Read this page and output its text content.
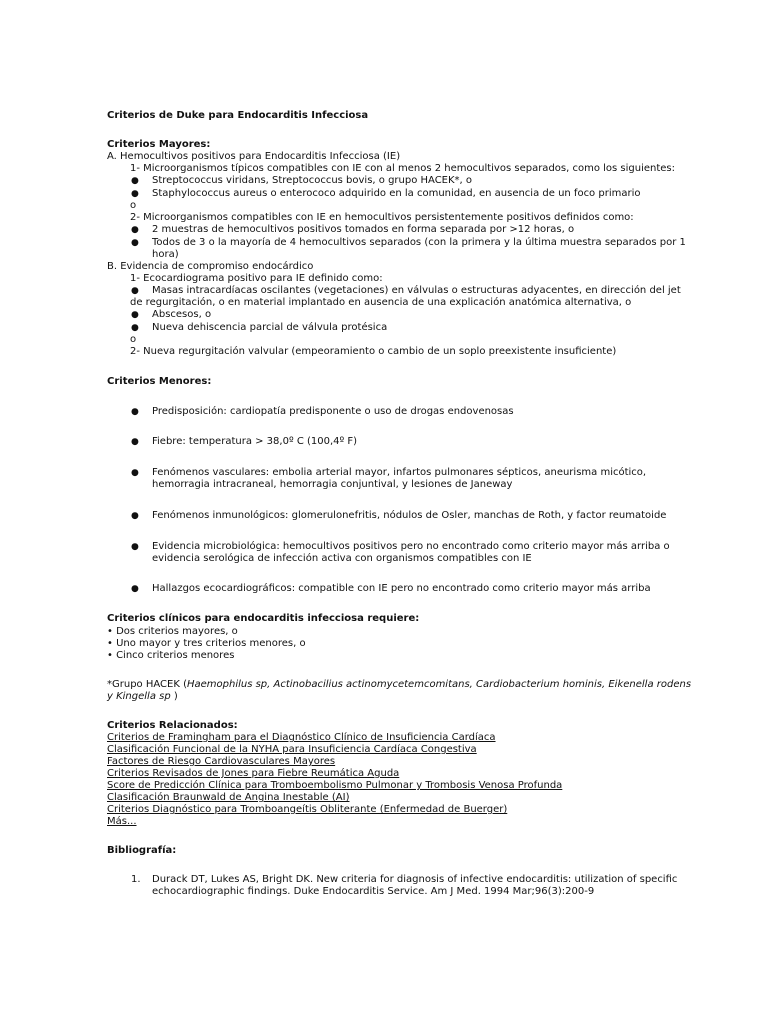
Criterios de Duke para Endocarditis Infecciosa
Criterios Mayores:
A. Hemocultivos positivos para Endocarditis Infecciosa (IE)
1- Microorganismos típicos compatibles con IE con al menos 2 hemocultivos separados, como los siguientes:
● Streptococcus viridans, Streptococcus bovis, o grupo HACEK*, o
● Staphylococcus aureus o enterococo adquirido en la comunidad, en ausencia de un foco primario
o
2- Microorganismos compatibles con IE en hemocultivos persistentemente positivos definidos como:
● 2 muestras de hemocultivos positivos tomados en forma separada por >12 horas, o
● Todos de 3 o la mayoría de 4 hemocultivos separados (con la primera y la última muestra separados por 1
hora)
B. Evidencia de compromiso endocárdico
1- Ecocardiograma positivo para IE definido como:
● Masas intracardíacas oscilantes (vegetaciones) en válvulas o estructuras adyacentes, en dirección del jet
de regurgitación, o en material implantado en ausencia de una explicación anatómica alternativa, o
● Abscesos, o
● Nueva dehiscencia parcial de válvula protésica
o
2- Nueva regurgitación valvular (empeoramiento o cambio de un soplo preexistente insuficiente)
Criterios Menores:
● Predisposición: cardiopatía predisponente o uso de drogas endovenosas
● Fiebre: temperatura > 38,0º C (100,4º F)
● Fenómenos vasculares: embolia arterial mayor, infartos pulmonares sépticos, aneurisma micótico,
hemorragia intracraneal, hemorragia conjuntival, y lesiones de Janeway
● Fenómenos inmunológicos: glomerulonefritis, nódulos de Osler, manchas de Roth, y factor reumatoide
● Evidencia microbiológica: hemocultivos positivos pero no encontrado como criterio mayor más arriba o
evidencia serológica de infección activa con organismos compatibles con IE
● Hallazgos ecocardiográficos: compatible con IE pero no encontrado como criterio mayor más arriba
Criterios clínicos para endocarditis infecciosa requiere:
• Dos criterios mayores, o
• Uno mayor y tres criterios menores, o
• Cinco criterios menores
*Grupo HACEK (Haemophilus sp, Actinobacilius actinomycetemcomitans, Cardiobacterium hominis, Eikenella rodens
y Kingella sp )
Criterios Relacionados:
Criterios de Framingham para el Diagnóstico Clínico de Insuficiencia Cardíaca
Clasificación Funcional de la NYHA para Insuficiencia Cardíaca Congestiva
Factores de Riesgo Cardiovasculares Mayores
Criterios Revisados de Jones para Fiebre Reumática Aguda
Score de Predicción Clínica para Tromboembolismo Pulmonar y Trombosis Venosa Profunda
Clasificación Braunwald de Angina Inestable (AI)
Criterios Diagnóstico para Tromboangeítis Obliterante (Enfermedad de Buerger)
Más...
Bibliografía:
1. Durack DT, Lukes AS, Bright DK. New criteria for diagnosis of infective endocarditis: utilization of specific
echocardiographic findings. Duke Endocarditis Service. Am J Med. 1994 Mar;96(3):200-9
